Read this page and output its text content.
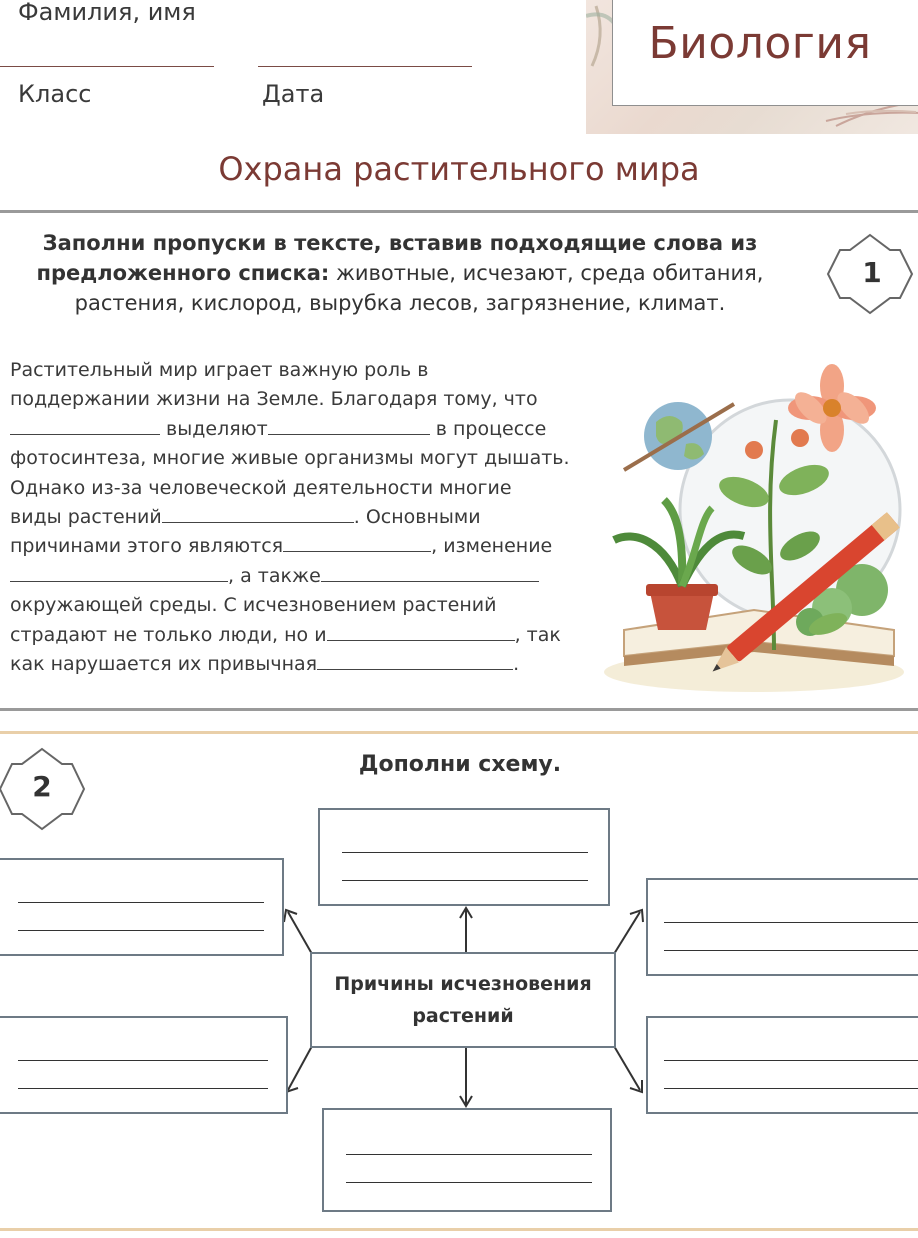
Фамилия, имя
Класс	Дата
Биология
Охрана растительного мира
Заполни пропуски в тексте, вставив подходящие слова из
предложенного списка: животные, исчезают, среда обитания,
растения, кислород, вырубка лесов, загрязнение, климат.
1
Растительный мир играет важную роль в
поддержании жизни на Земле. Благодаря тому, что
выделяют	в процессе
фотосинтеза, многие живые организмы могут дышать.
Однако из-за человеческой деятельности многие
виды растений	. Основными
причинами этого являются	, изменение
, а также
окружающей среды. С исчезновением растений
страдают не только люди, но и	, так
как нарушается их привычная	.
2
Дополни схему.
Причины исчезновения
растений
